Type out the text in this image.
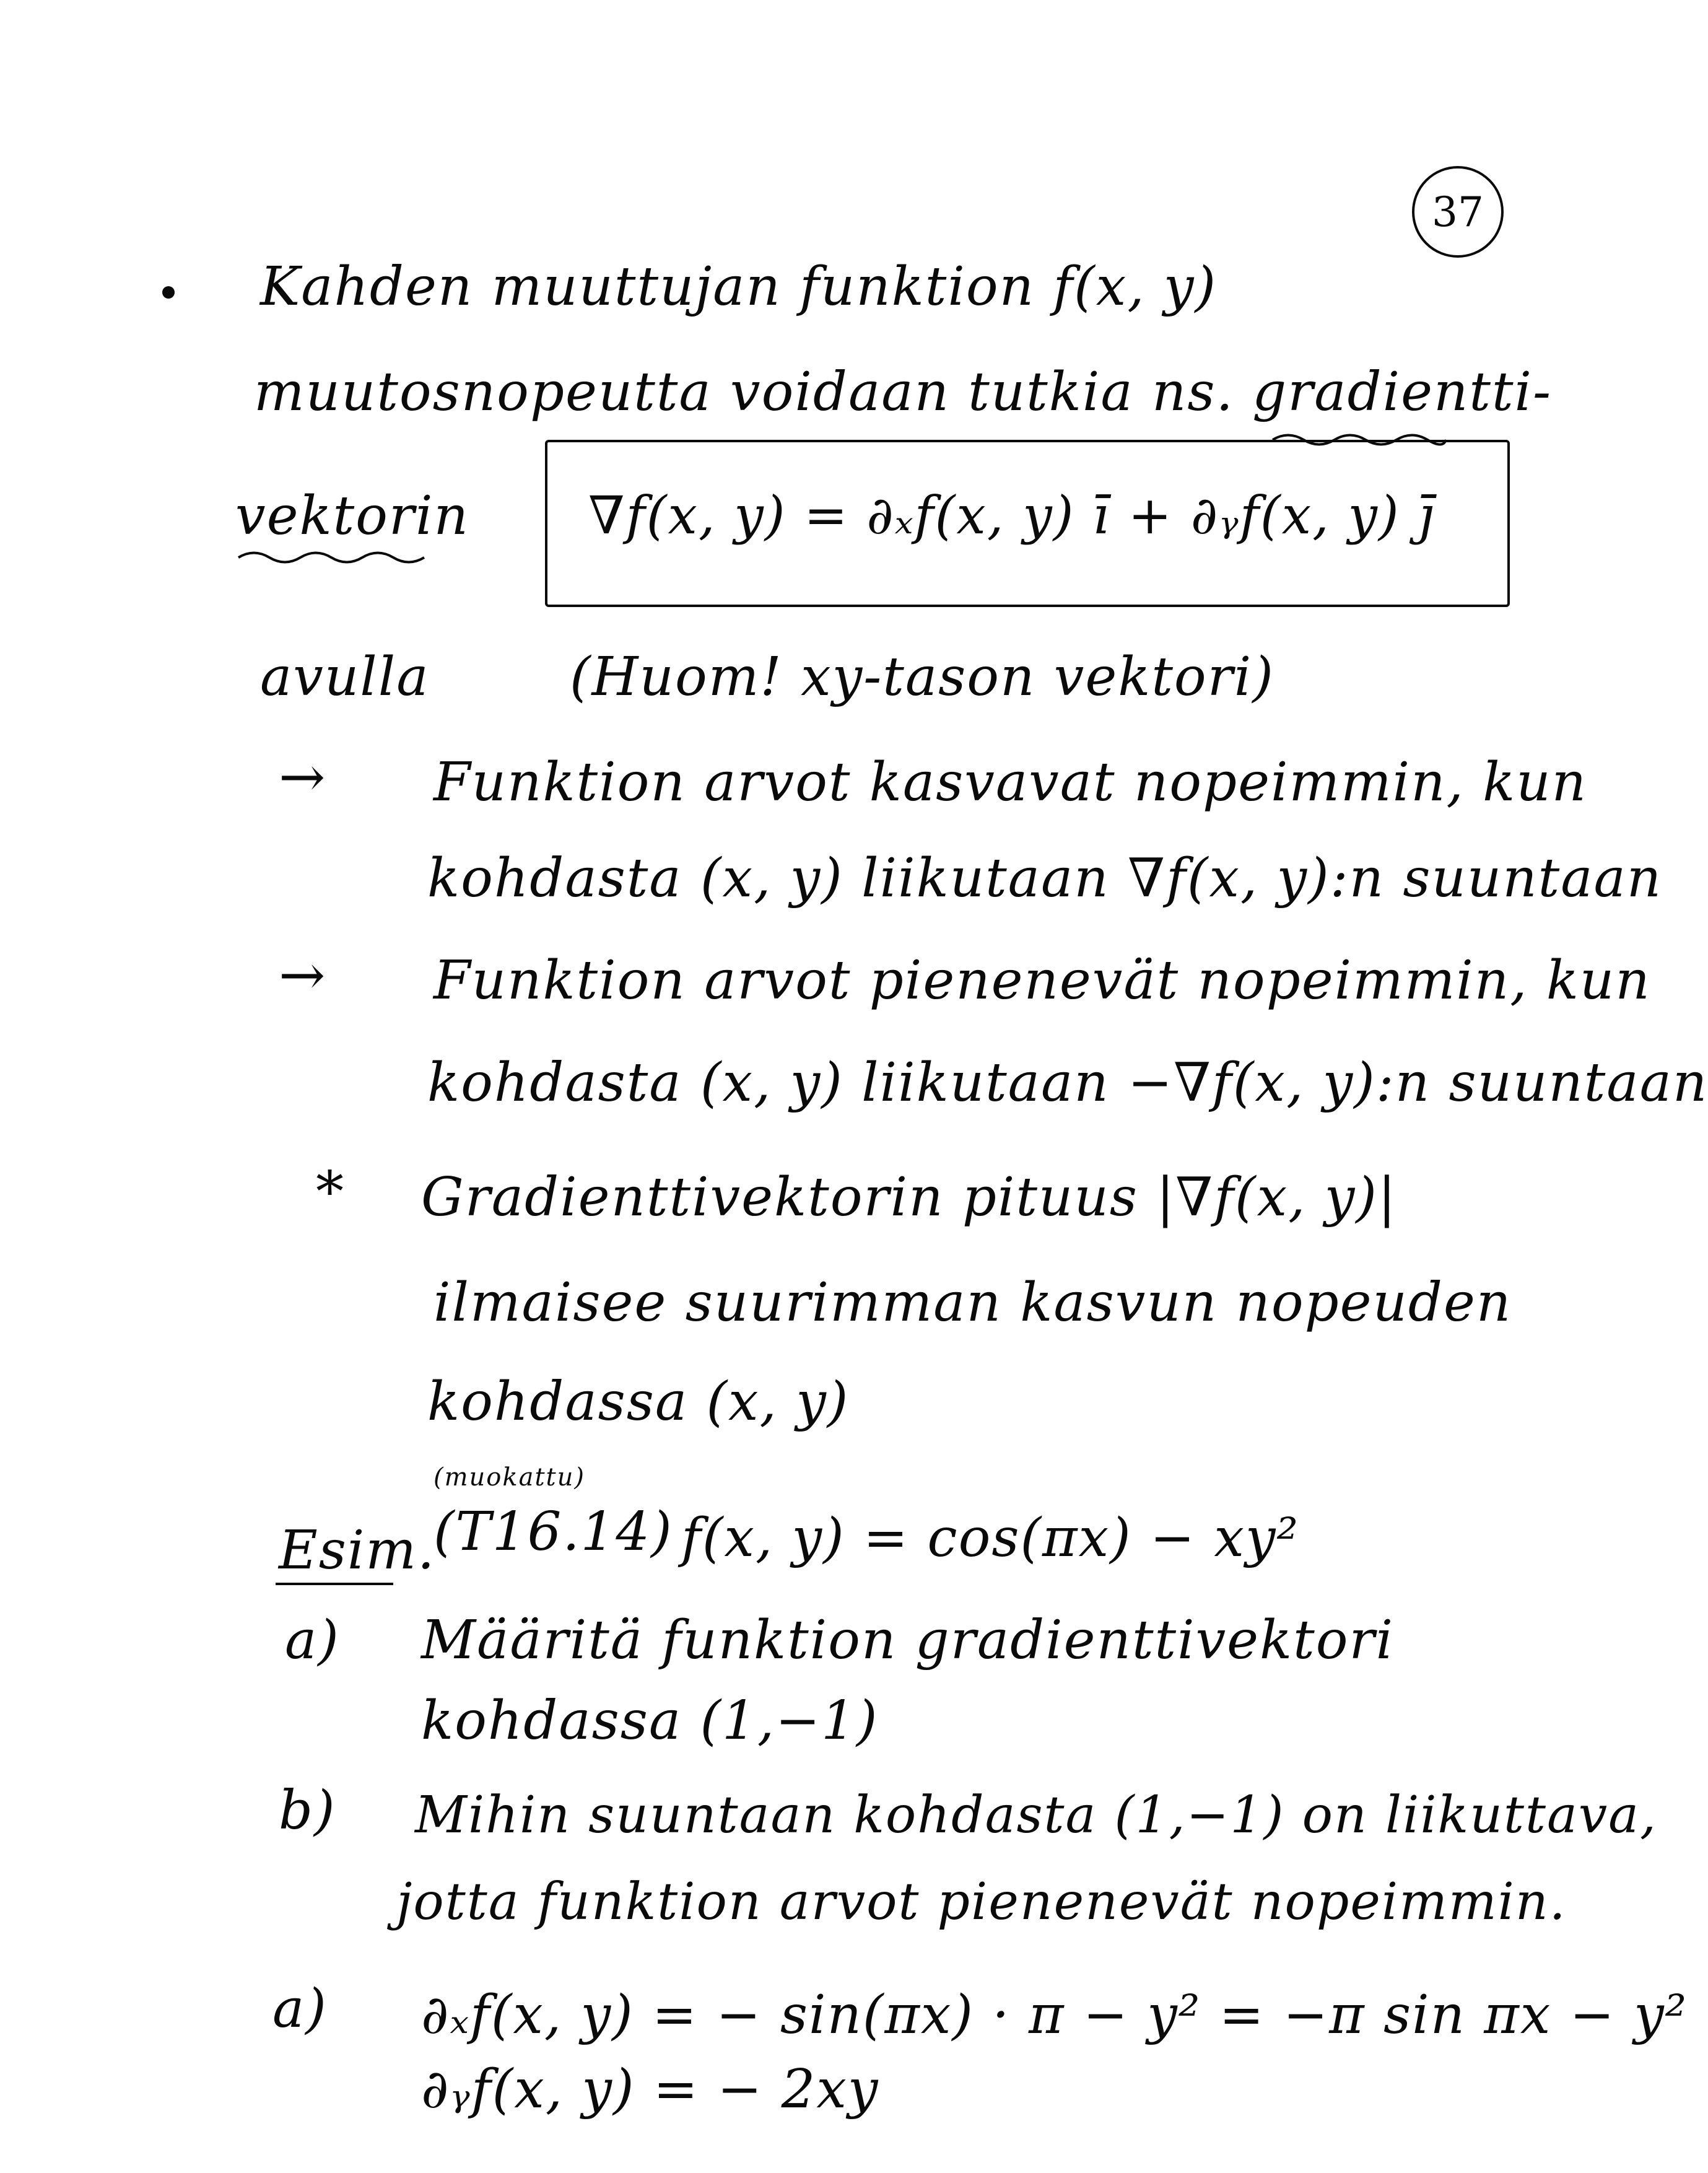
37
Kahden muuttujan funktion f(x, y)
muutosnopeutta voidaan tutkia ns. gradientti-
vektorin ∇f(x, y) = ∂ₓf(x, y) ī + ∂ᵧf(x, y) j̄
avulla	(Huom! xy-tason vektori)
→ Funktion arvot kasvavat nopeimmin, kun
kohdasta (x, y) liikutaan ∇f(x, y):n suuntaan
→ Funktion arvot pienenevät nopeimmin, kun
kohdasta (x, y) liikutaan −∇f(x, y):n suuntaan
* Gradienttivektorin pituus |∇f(x, y)|
ilmaisee suurimman kasvun nopeuden
kohdassa (x, y)
Esim.
(muokattu)
(T16.14) f(x, y) = cos(πx) − xy²
a) Määritä funktion gradienttivektori
kohdassa (1,−1)
b) Mihin suuntaan kohdasta (1,−1) on liikuttava,
jotta funktion arvot pienenevät nopeimmin.
a) ∂ₓf(x, y) = − sin(πx) · π − y² = −π sin πx − y²
∂ᵧf(x, y) = − 2xy
